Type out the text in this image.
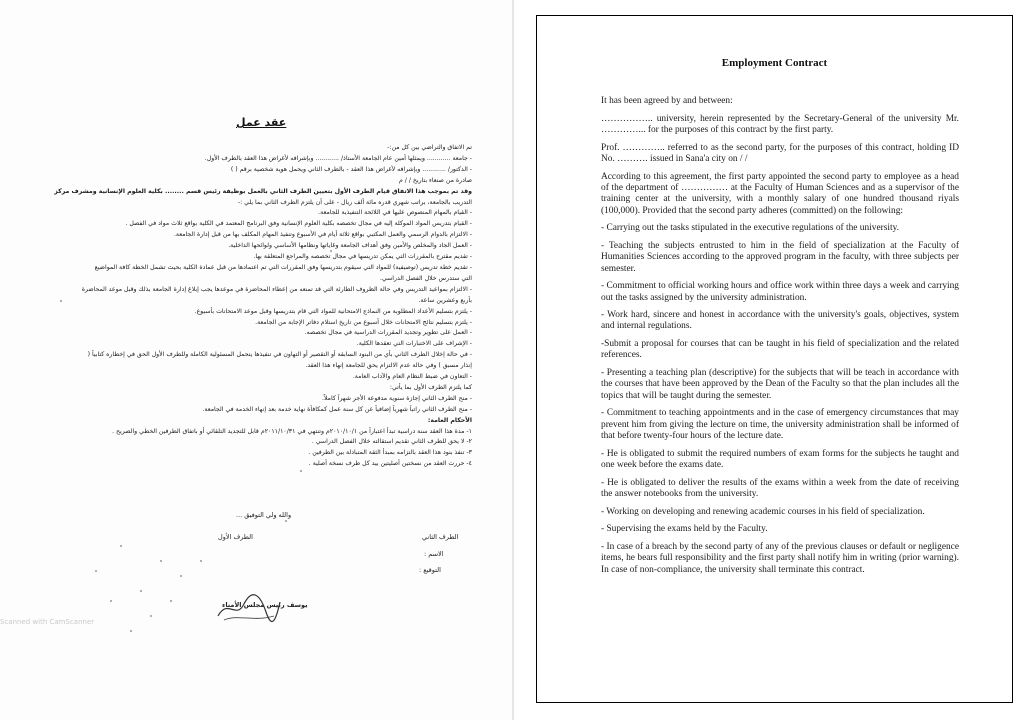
عقد عمل
تم الاتفاق والتراضي بين كل من:-
- جامعة ............ ويمثلها أمين عام الجامعة الأستاذ/ ............ وبإشرافه لأغراض هذا العقد بالطرف الأول.
- الدكتور/ ............ وبإشرافه لأغراض هذا العقد - بالطرف الثاني ويحمل هوية شخصية برقم ( )
صادرة من صنعاء بتاريخ / / م
وقد تم بموجب هذا الاتفاق قيام الطرف الأول بتعيين الطرف الثاني بالعمل بوظيفة رئيس قسم ........ بكلية العلوم الإنسانية ومشرف مركز
التدريب بالجامعة، براتب شهري قدره مائة ألف ريال - على أن يلتزم الطرف الثاني بما يلي :-
- القيام بالمهام المنصوص عليها في اللائحة التنفيذية للجامعة.
- القيام بتدريس المواد الموكلة إليه في مجال تخصصه بكلية العلوم الإنسانية وفق البرنامج المعتمد في الكلية بواقع ثلاث مواد في الفصل .
- الالتزام بالدوام الرسمي والعمل المكتبي بواقع ثلاثة أيام في الأسبوع وتنفيذ المهام المكلف بها من قبل إدارة الجامعة.
- العمل الجاد والمخلص والأمين وفق أهداف الجامعة وغاياتها ونظامها الأساسي ولوائحها الداخلية.
- تقديم مقترح بالمقررات التي يمكن تدريسها في مجال تخصصه والمراجع المتعلقة بها.
- تقديم خطة تدريس (توصيفية) للمواد التي سيقوم بتدريسها وفق المقررات التي تم اعتمادها من قبل عمادة الكلية بحيث تشمل الخطة كافة المواضيع
التي ستدرس خلال الفصل الدراسي.
- الالتزام بمواعيد التدريس وفي حالة الظروف الطارئة التي قد تمنعه من إعطاء المحاضرة في موعدها يجب إبلاغ إدارة الجامعة بذلك وقبل موعد المحاضرة
بأربع وعشرين ساعة.
- يلتزم بتسليم الأعداد المطلوبة من النماذج الامتحانية للمواد التي قام بتدريسها وقبل موعد الامتحانات بأسبوع.
- يلتزم بتسليم نتائج الامتحانات خلال أسبوع من تاريخ استلام دفاتر الإجابة من الجامعة.
- العمل على تطوير وتجديد المقررات الدراسية في مجال تخصصه.
- الإشراف على الاختبارات التي تعقدها الكلية.
- في حالة إخلال الطرف الثاني بأي من البنود السابقة أو التقصير أو التهاون في تنفيذها يتحمل المسئولية الكاملة وللطرف الأول الحق في إخطاره كتابياً (
إنذار مسبق ) وفي حالة عدم الالتزام يحق للجامعة إنهاء هذا العقد.
- التعاون في ضبط النظام العام والآداب العامة.
كما يلتزم الطرف الأول بما يأتي:
- منح الطرف الثاني إجازة سنوية مدفوعة الأجر شهراً كاملاً.
- منح الطرف الثاني راتباً شهرياً إضافياً عن كل سنة عمل كمكافأة نهاية خدمة بعد إنهاء الخدمة في الجامعة.
الأحكام العامة:
١- مدة هذا العقد سنة دراسية تبدأ اعتباراً من ٢٠١٠/١٠/١م وتنتهي في ٢٠١١/١٠/٣١م قابل للتجديد التلقائي أو باتفاق الطرفين الخطي والصريح .
٢- لا يحق للطرف الثاني تقديم استقالته خلال الفصل الدراسي .
٣- تنفذ بنود هذا العقد بالتزامه بمبدأ الثقة المتبادلة بين الطرفين .
٤- حررت العقد من نسختين أصليتين بيد كل طرف نسخة أصلية .
والله ولي التوفيق ...
الطرف الأول	الطرف الثاني
الاسم :
التوقيع :
يوسف رئيس مجلس الأمناء
Scanned with CamScanner
Employment Contract

It has been agreed by and between:

…………….. university, herein represented by the Secretary-General of the university Mr. …………... for the purposes of this contract by the first party.

Prof. ………….. referred to as the second party, for the purposes of this contract, holding ID No. ………. issued in Sana'a city on / /

According to this agreement, the first party appointed the second party to employee as a head of the department of …………… at the Faculty of Human Sciences and as a supervisor of the training center at the university, with a monthly salary of one hundred thousand riyals (100,000). Provided that the second party adheres (committed) on the following:

- Carrying out the tasks stipulated in the executive regulations of the university.

- Teaching the subjects entrusted to him in the field of specialization at the Faculty of Humanities Sciences according to the approved program in the faculty, with three subjects per semester.

- Commitment to official working hours and office work within three days a week and carrying out the tasks assigned by the university administration.

- Work hard, sincere and honest in accordance with the university's goals, objectives, system and internal regulations.

-Submit a proposal for courses that can be taught in his field of specialization and the related references.

- Presenting a teaching plan (descriptive) for the subjects that will be teach in accordance with the courses that have been approved by the Dean of the Faculty so that the plan includes all the topics that will be taught during the semester.

- Commitment to teaching appointments and in the case of emergency circumstances that may prevent him from giving the lecture on time, the university administration shall be informed of that before twenty-four hours of the lecture date.

- He is obligated to submit the required numbers of exam forms for the subjects he taught and one week before the exams date.

- He is obligated to deliver the results of the exams within a week from the date of receiving the answer notebooks from the university.

- Working on developing and renewing academic courses in his field of specialization.

- Supervising the exams held by the Faculty.

- In case of a breach by the second party of any of the previous clauses or default or negligence items, he bears full responsibility and the first party shall notify him in writing (prior warning). In case of non-compliance, the university shall terminate this contract.
